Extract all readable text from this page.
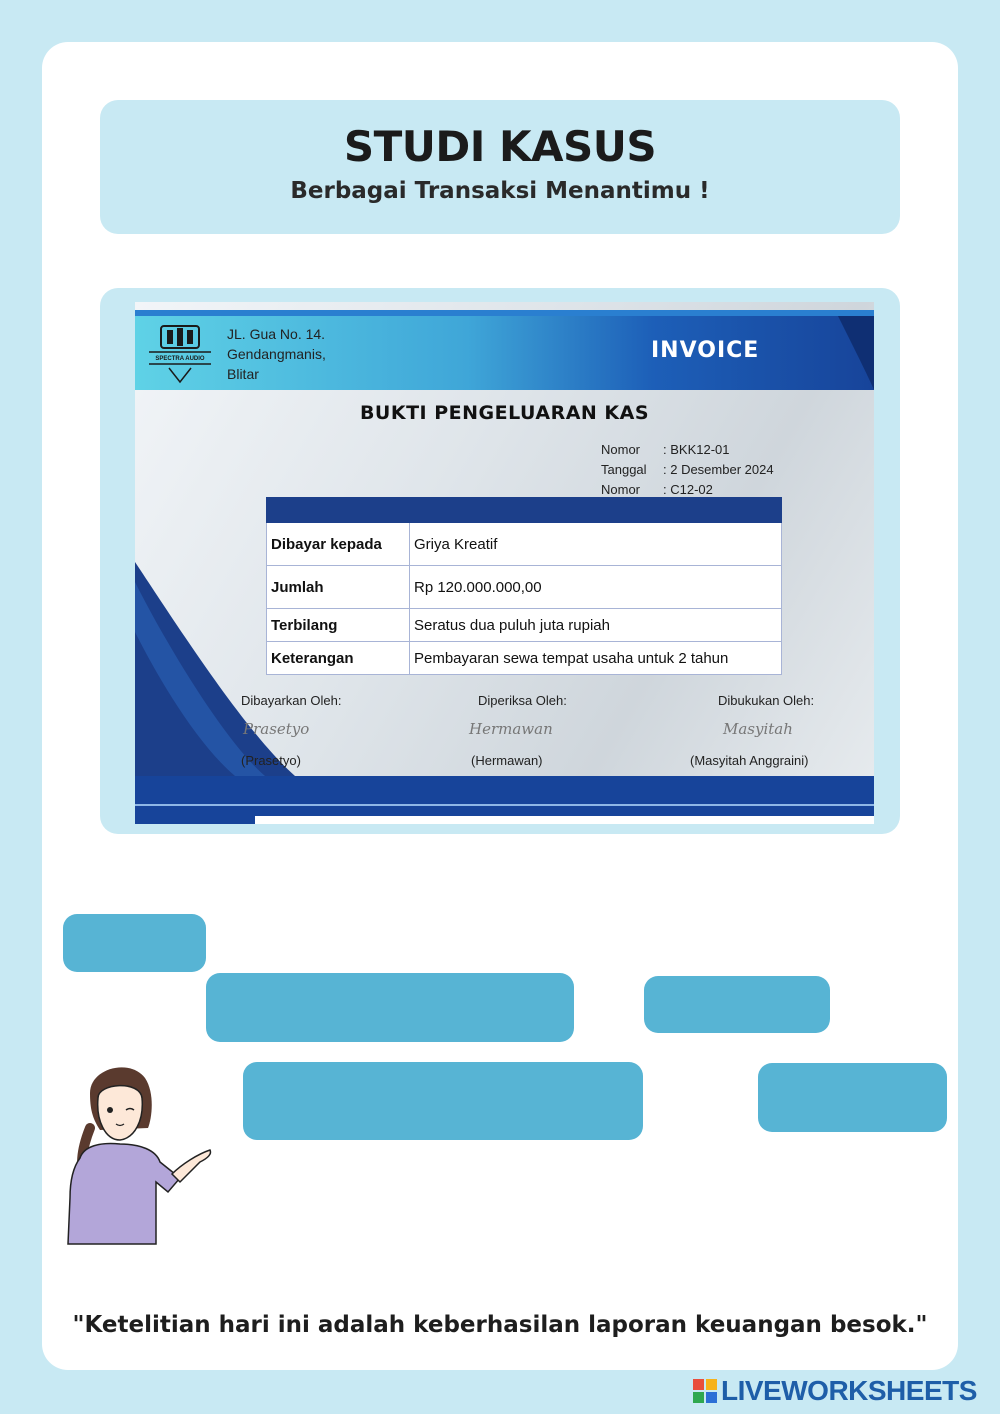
STUDI KASUS
Berbagai Transaksi Menantimu !
SPECTRA AUDIO
JL. Gua No. 14.
Gendangmanis,
Blitar
INVOICE
BUKTI PENGELUARAN KAS
Nomor : BKK12-01
Tanggal : 2 Desember 2024
Nomor : C12-02

Dibayar kepada	Griya Kreatif
Jumlah	Rp 120.000.000,00
Terbilang	Seratus dua puluh juta rupiah
Keterangan	Pembayaran sewa tempat usaha untuk 2 tahun
Dibayarkan Oleh:
Prasetyo
(Prasetyo)
Diperiksa Oleh:
Hermawan
(Hermawan)
Dibukukan Oleh:
Masyitah
(Masyitah Anggraini)
"Ketelitian hari ini adalah keberhasilan laporan keuangan besok."
LIVEWORKSHEETS
